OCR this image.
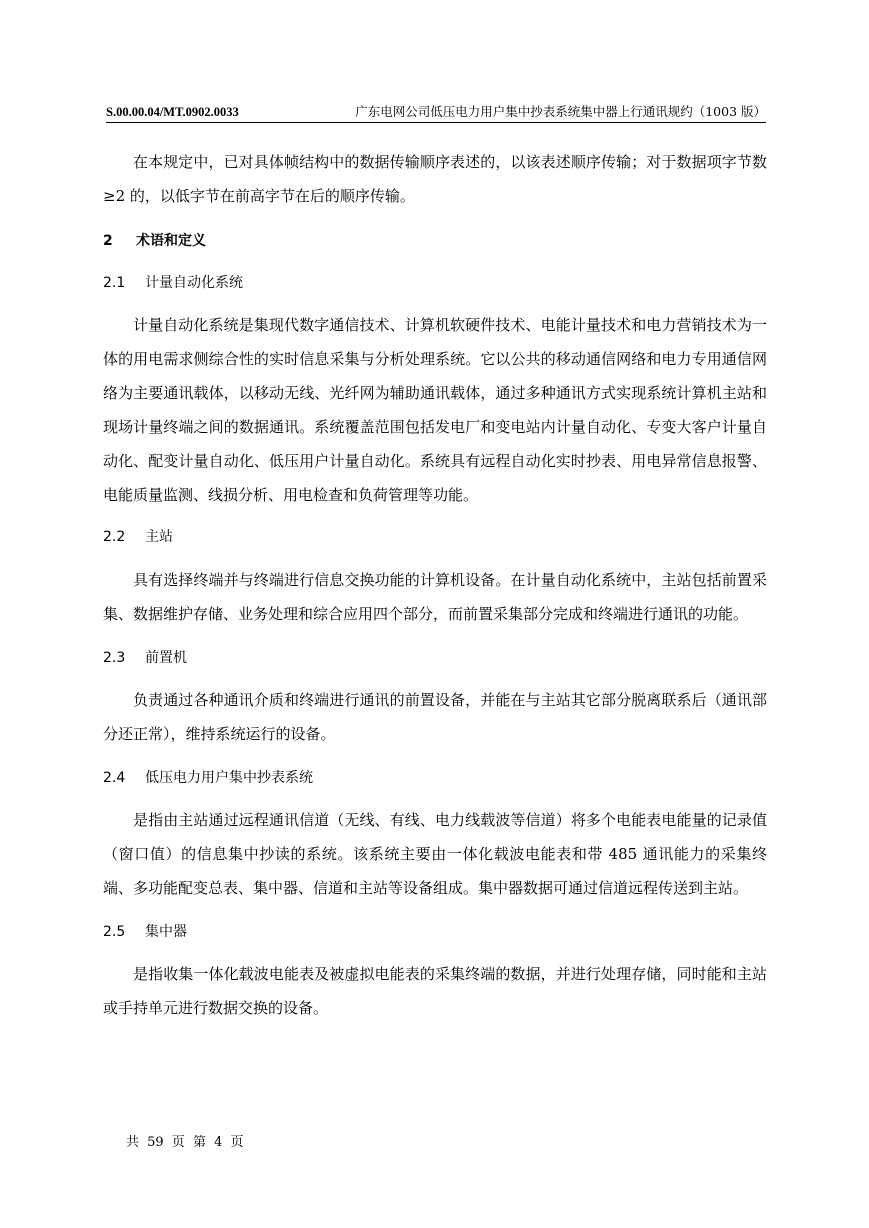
S.00.00.04/MT.0902.0033	广东电网公司低压电力用户集中抄表系统集中器上行通讯规约（1003 版）

在本规定中，已对具体帧结构中的数据传输顺序表述的，以该表述顺序传输；对于数据项字节数≥2 的，以低字节在前高字节在后的顺序传输。

2 术语和定义
2.1 计量自动化系统

计量自动化系统是集现代数字通信技术、计算机软硬件技术、电能计量技术和电力营销技术为一体的用电需求侧综合性的实时信息采集与分析处理系统。它以公共的移动通信网络和电力专用通信网络为主要通讯载体，以移动无线、光纤网为辅助通讯载体，通过多种通讯方式实现系统计算机主站和现场计量终端之间的数据通讯。系统覆盖范围包括发电厂和变电站内计量自动化、专变大客户计量自动化、配变计量自动化、低压用户计量自动化。系统具有远程自动化实时抄表、用电异常信息报警、电能质量监测、线损分析、用电检查和负荷管理等功能。

2.2 主站

具有选择终端并与终端进行信息交换功能的计算机设备。在计量自动化系统中，主站包括前置采集、数据维护存储、业务处理和综合应用四个部分，而前置采集部分完成和终端进行通讯的功能。

2.3 前置机

负责通过各种通讯介质和终端进行通讯的前置设备，并能在与主站其它部分脱离联系后（通讯部分还正常），维持系统运行的设备。

2.4 低压电力用户集中抄表系统

是指由主站通过远程通讯信道（无线、有线、电力线载波等信道）将多个电能表电能量的记录值（窗口值）的信息集中抄读的系统。该系统主要由一体化载波电能表和带 485 通讯能力的采集终端、多功能配变总表、集中器、信道和主站等设备组成。集中器数据可通过信道远程传送到主站。

2.5 集中器

是指收集一体化载波电能表及被虚拟电能表的采集终端的数据，并进行处理存储，同时能和主站或手持单元进行数据交换的设备。

共 59 页 第 4 页
